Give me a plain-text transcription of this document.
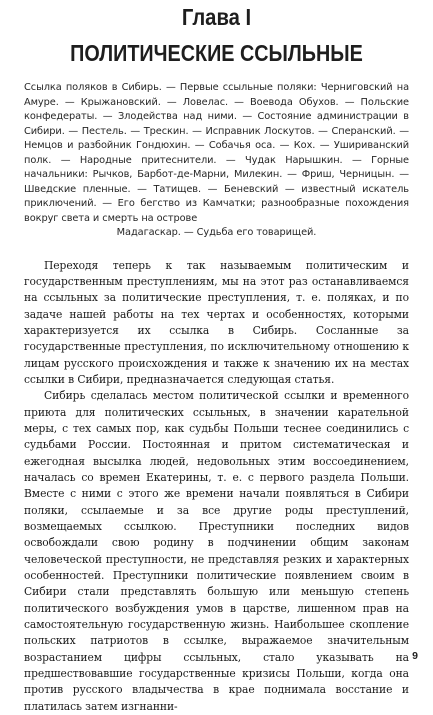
Глава I
ПОЛИТИЧЕСКИЕ ССЫЛЬНЫЕ
Ссылка поляков в Сибирь. — Первые ссыльные поляки: Черниговский на Амуре. — Крыжановский. — Ловелас. — Воевода Обухов. — Польские конфедераты. — Злодейства над ними. — Состояние администрации в Сибири. — Пестель. — Трескин. — Исправник Лоскутов. — Сперанский. — Немцов и разбойник Гондюхин. — Собачья оса. — Кох. — Ушириванский полк. — Народные притеснители. — Чудак Нарышкин. — Горные начальники: Рычков, Барбот-де-Марни, Милекин. — Фриш, Черницын. — Шведские пленные. — Татищев. — Беневский — известный искатель приключений. — Его бегство из Камчатки; разнообразные похождения вокруг света и смерть на острове
Мадагаскар. — Судьба его товарищей.

Переходя теперь к так называемым политическим и государственным преступлениям, мы на этот раз останавливаемся на ссыльных за политические преступления, т. е. поляках, и по задаче нашей работы на тех чертах и особенностях, которыми характеризуется их ссылка в Сибирь. Сосланные за государственные преступления, по исключительному отношению к лицам русского происхождения и также к значению их на местах ссылки в Сибири, предназначается следующая статья.

Сибирь сделалась местом политической ссылки и временного приюта для политических ссыльных, в значении карательной меры, с тех самых пор, как судьбы Польши теснее соединились с судьбами России. Постоянная и притом систематическая и ежегодная высылка людей, недовольных этим воссоединением, началась со времен Екатерины, т. е. с первого раздела Польши. Вместе с ними с этого же времени начали появляться в Сибири поляки, ссылаемые и за все другие роды преступлений, возмещаемых ссылкою. Преступники последних видов освобождали свою родину в подчинении общим законам человеческой преступности, не представляя резких и характерных особенностей. Преступники политические появлением своим в Сибири стали представлять большую или меньшую степень политического возбуждения умов в царстве, лишенном прав на самостоятельную государственную жизнь. Наибольшее скопление польских патриотов в ссылке, выражаемое значительным возрастанием цифры ссыльных, стало указывать на предшествовавшие государственные кризисы Польши, когда она против русского владычества в крае поднимала восстание и платилась затем изгнанни-

9
